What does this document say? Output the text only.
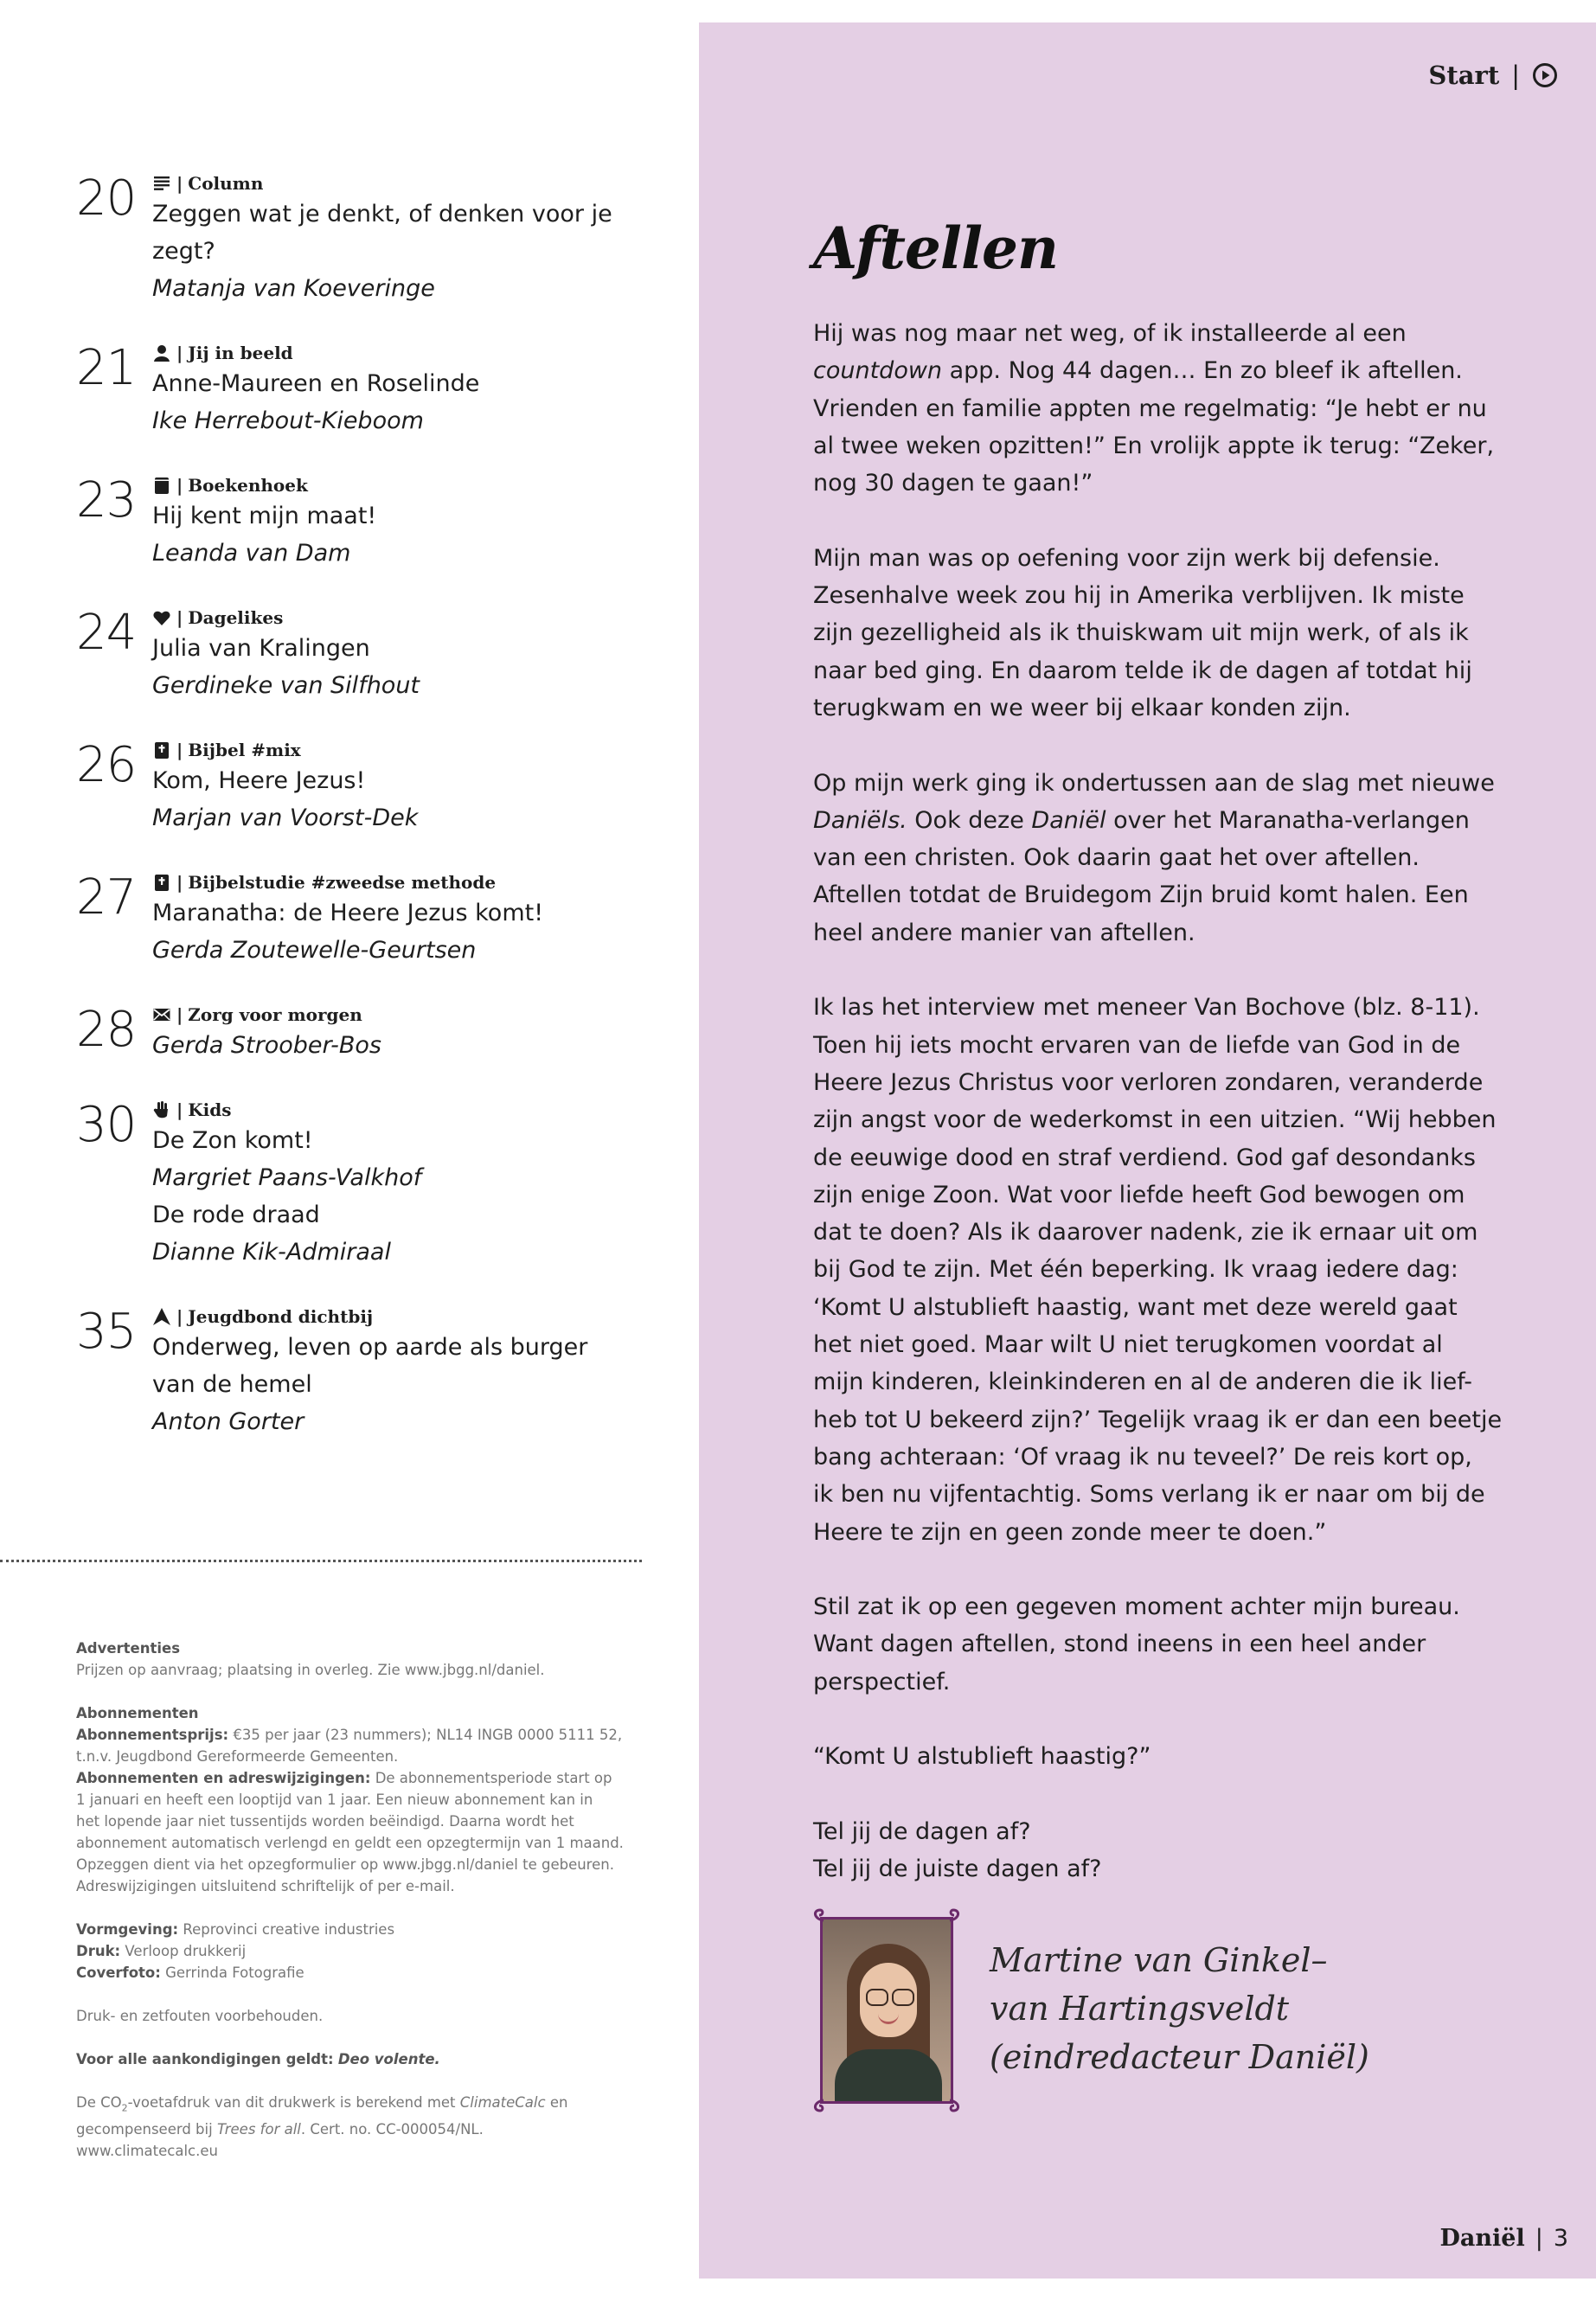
20 | Column
Zeggen wat je denkt, of denken voor je zegt?
Matanja van Koeveringe
21 | Jij in beeld
Anne-Maureen en Roselinde
Ike Herrebout-Kieboom
23 | Boekenhoek
Hij kent mijn maat!
Leanda van Dam
24 | Dagelikes
Julia van Kralingen
Gerdineke van Silfhout
26 | Bijbel #mix
Kom, Heere Jezus!
Marjan van Voorst-Dek
27 | Bijbelstudie #zweedse methode
Maranatha: de Heere Jezus komt!
Gerda Zoutewelle-Geurtsen
28 | Zorg voor morgen
Gerda Stroober-Bos
30 | Kids
De Zon komt!
Margriet Paans-Valkhof
De rode draad
Dianne Kik-Admiraal
35 | Jeugdbond dichtbij
Onderweg, leven op aarde als burger
van de hemel
Anton Gorter
Advertenties
Prijzen op aanvraag; plaatsing in overleg. Zie www.jbgg.nl/daniel.
Abonnementen
Abonnementsprijs: €35 per jaar (23 nummers); NL14 INGB 0000 5111 52,
t.n.v. Jeugdbond Gereformeerde Gemeenten.
Abonnementen en adreswijzigingen: De abonnementsperiode start op
1 januari en heeft een looptijd van 1 jaar. Een nieuw abonnement kan in
het lopende jaar niet tussentijds worden beëindigd. Daarna wordt het
abonnement automatisch verlengd en geldt een opzegtermijn van 1 maand.
Opzeggen dient via het opzegformulier op www.jbgg.nl/daniel te gebeuren.
Adreswijzigingen uitsluitend schriftelijk of per e-mail.
Vormgeving: Reprovinci creative industries
Druk: Verloop drukkerij
Coverfoto: Gerrinda Fotografie
Druk- en zetfouten voorbehouden.
Voor alle aankondigingen geldt: Deo volente.
De $CO_2$-voetafdruk van dit drukwerk is berekend met ClimateCalc en
gecompenseerd bij Trees for all. Cert. no. CC-000054/NL. www.climatecalc.eu
Start |
Aftellen

Hij was nog maar net weg, of ik installeerde al een
countdown app. Nog 44 dagen… En zo bleef ik aftellen.
Vrienden en familie appten me regelmatig: “Je hebt er nu
al twee weken opzitten!” En vrolijk appte ik terug: “Zeker,
nog 30 dagen te gaan!”

Mijn man was op oefening voor zijn werk bij defensie.
Zesenhalve week zou hij in Amerika verblijven. Ik miste
zijn gezelligheid als ik thuiskwam uit mijn werk, of als ik
naar bed ging. En daarom telde ik de dagen af totdat hij
terugkwam en we weer bij elkaar konden zijn.

Op mijn werk ging ik ondertussen aan de slag met nieuwe
Daniëls. Ook deze Daniël over het Maranatha-verlangen
van een christen. Ook daarin gaat het over aftellen.
Aftellen totdat de Bruidegom Zijn bruid komt halen. Een
heel andere manier van aftellen.

Ik las het interview met meneer Van Bochove (blz. 8-11).
Toen hij iets mocht ervaren van de liefde van God in de
Heere Jezus Christus voor verloren zondaren, veranderde
zijn angst voor de wederkomst in een uitzien. “Wij hebben
de eeuwige dood en straf verdiend. God gaf desondanks
zijn enige Zoon. Wat voor liefde heeft God bewogen om
dat te doen? Als ik daarover nadenk, zie ik ernaar uit om
bij God te zijn. Met één beperking. Ik vraag iedere dag:
‘Komt U alstublieft haastig, want met deze wereld gaat
het niet goed. Maar wilt U niet terugkomen voordat al
mijn kinderen, kleinkinderen en al de anderen die ik lief-
heb tot U bekeerd zijn?’ Tegelijk vraag ik er dan een beetje
bang achteraan: ‘Of vraag ik nu teveel?’ De reis kort op,
ik ben nu vijfentachtig. Soms verlang ik er naar om bij de
Heere te zijn en geen zonde meer te doen.”

Stil zat ik op een gegeven moment achter mijn bureau.
Want dagen aftellen, stond ineens in een heel ander
perspectief.

“Komt U alstublieft haastig?”

Tel jij de dagen af?
Tel jij de juiste dagen af?

Martine van Ginkel–
van Hartingsveldt
(eindredacteur Daniël)
Daniël | 3
